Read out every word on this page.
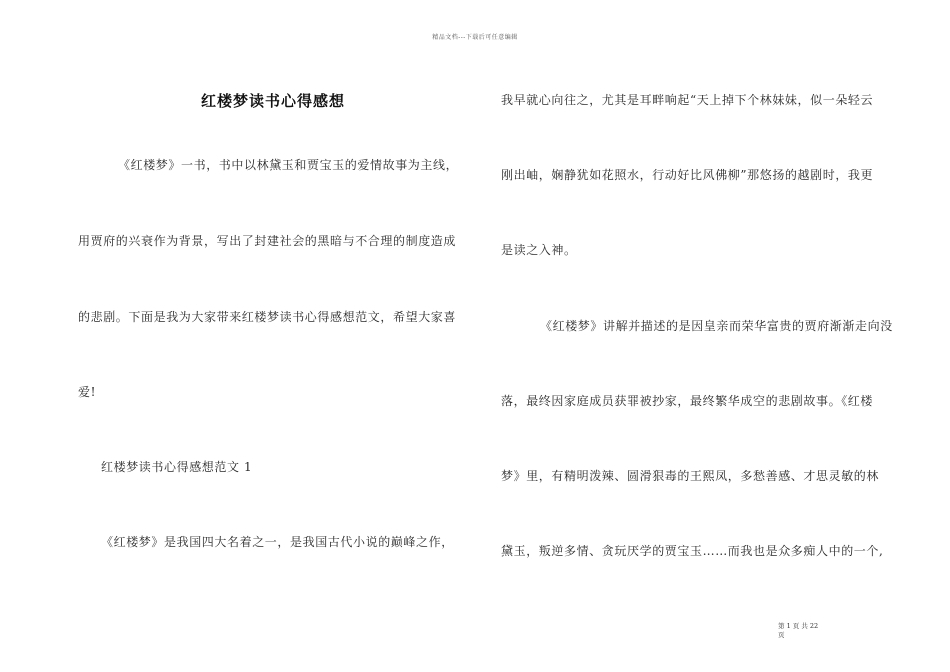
精品文档---下载后可任意编辑
红楼梦读书心得感想
《红楼梦》一书，书中以林黛玉和贾宝玉的爱情故事为主线，
用贾府的兴衰作为背景，写出了封建社会的黑暗与不合理的制度造成
的悲剧。下面是我为大家带来红楼梦读书心得感想范文，希望大家喜
爱!
红楼梦读书心得感想范文 1
《红楼梦》是我国四大名着之一，是我国古代小说的巅峰之作，
我早就心向往之，尤其是耳畔响起“天上掉下个林妹妹，似一朵轻云
刚出岫，娴静犹如花照水，行动好比风佛柳”那悠扬的越剧时，我更
是读之入神。
《红楼梦》讲解并描述的是因皇亲而荣华富贵的贾府渐渐走向没
落，最终因家庭成员获罪被抄家，最终繁华成空的悲剧故事。《红楼
梦》里，有精明泼辣、圆滑狠毒的王熙凤，多愁善感、才思灵敏的林
黛玉，叛逆多情、贪玩厌学的贾宝玉……而我也是众多痴人中的一个,
第 1 页 共 22
页
